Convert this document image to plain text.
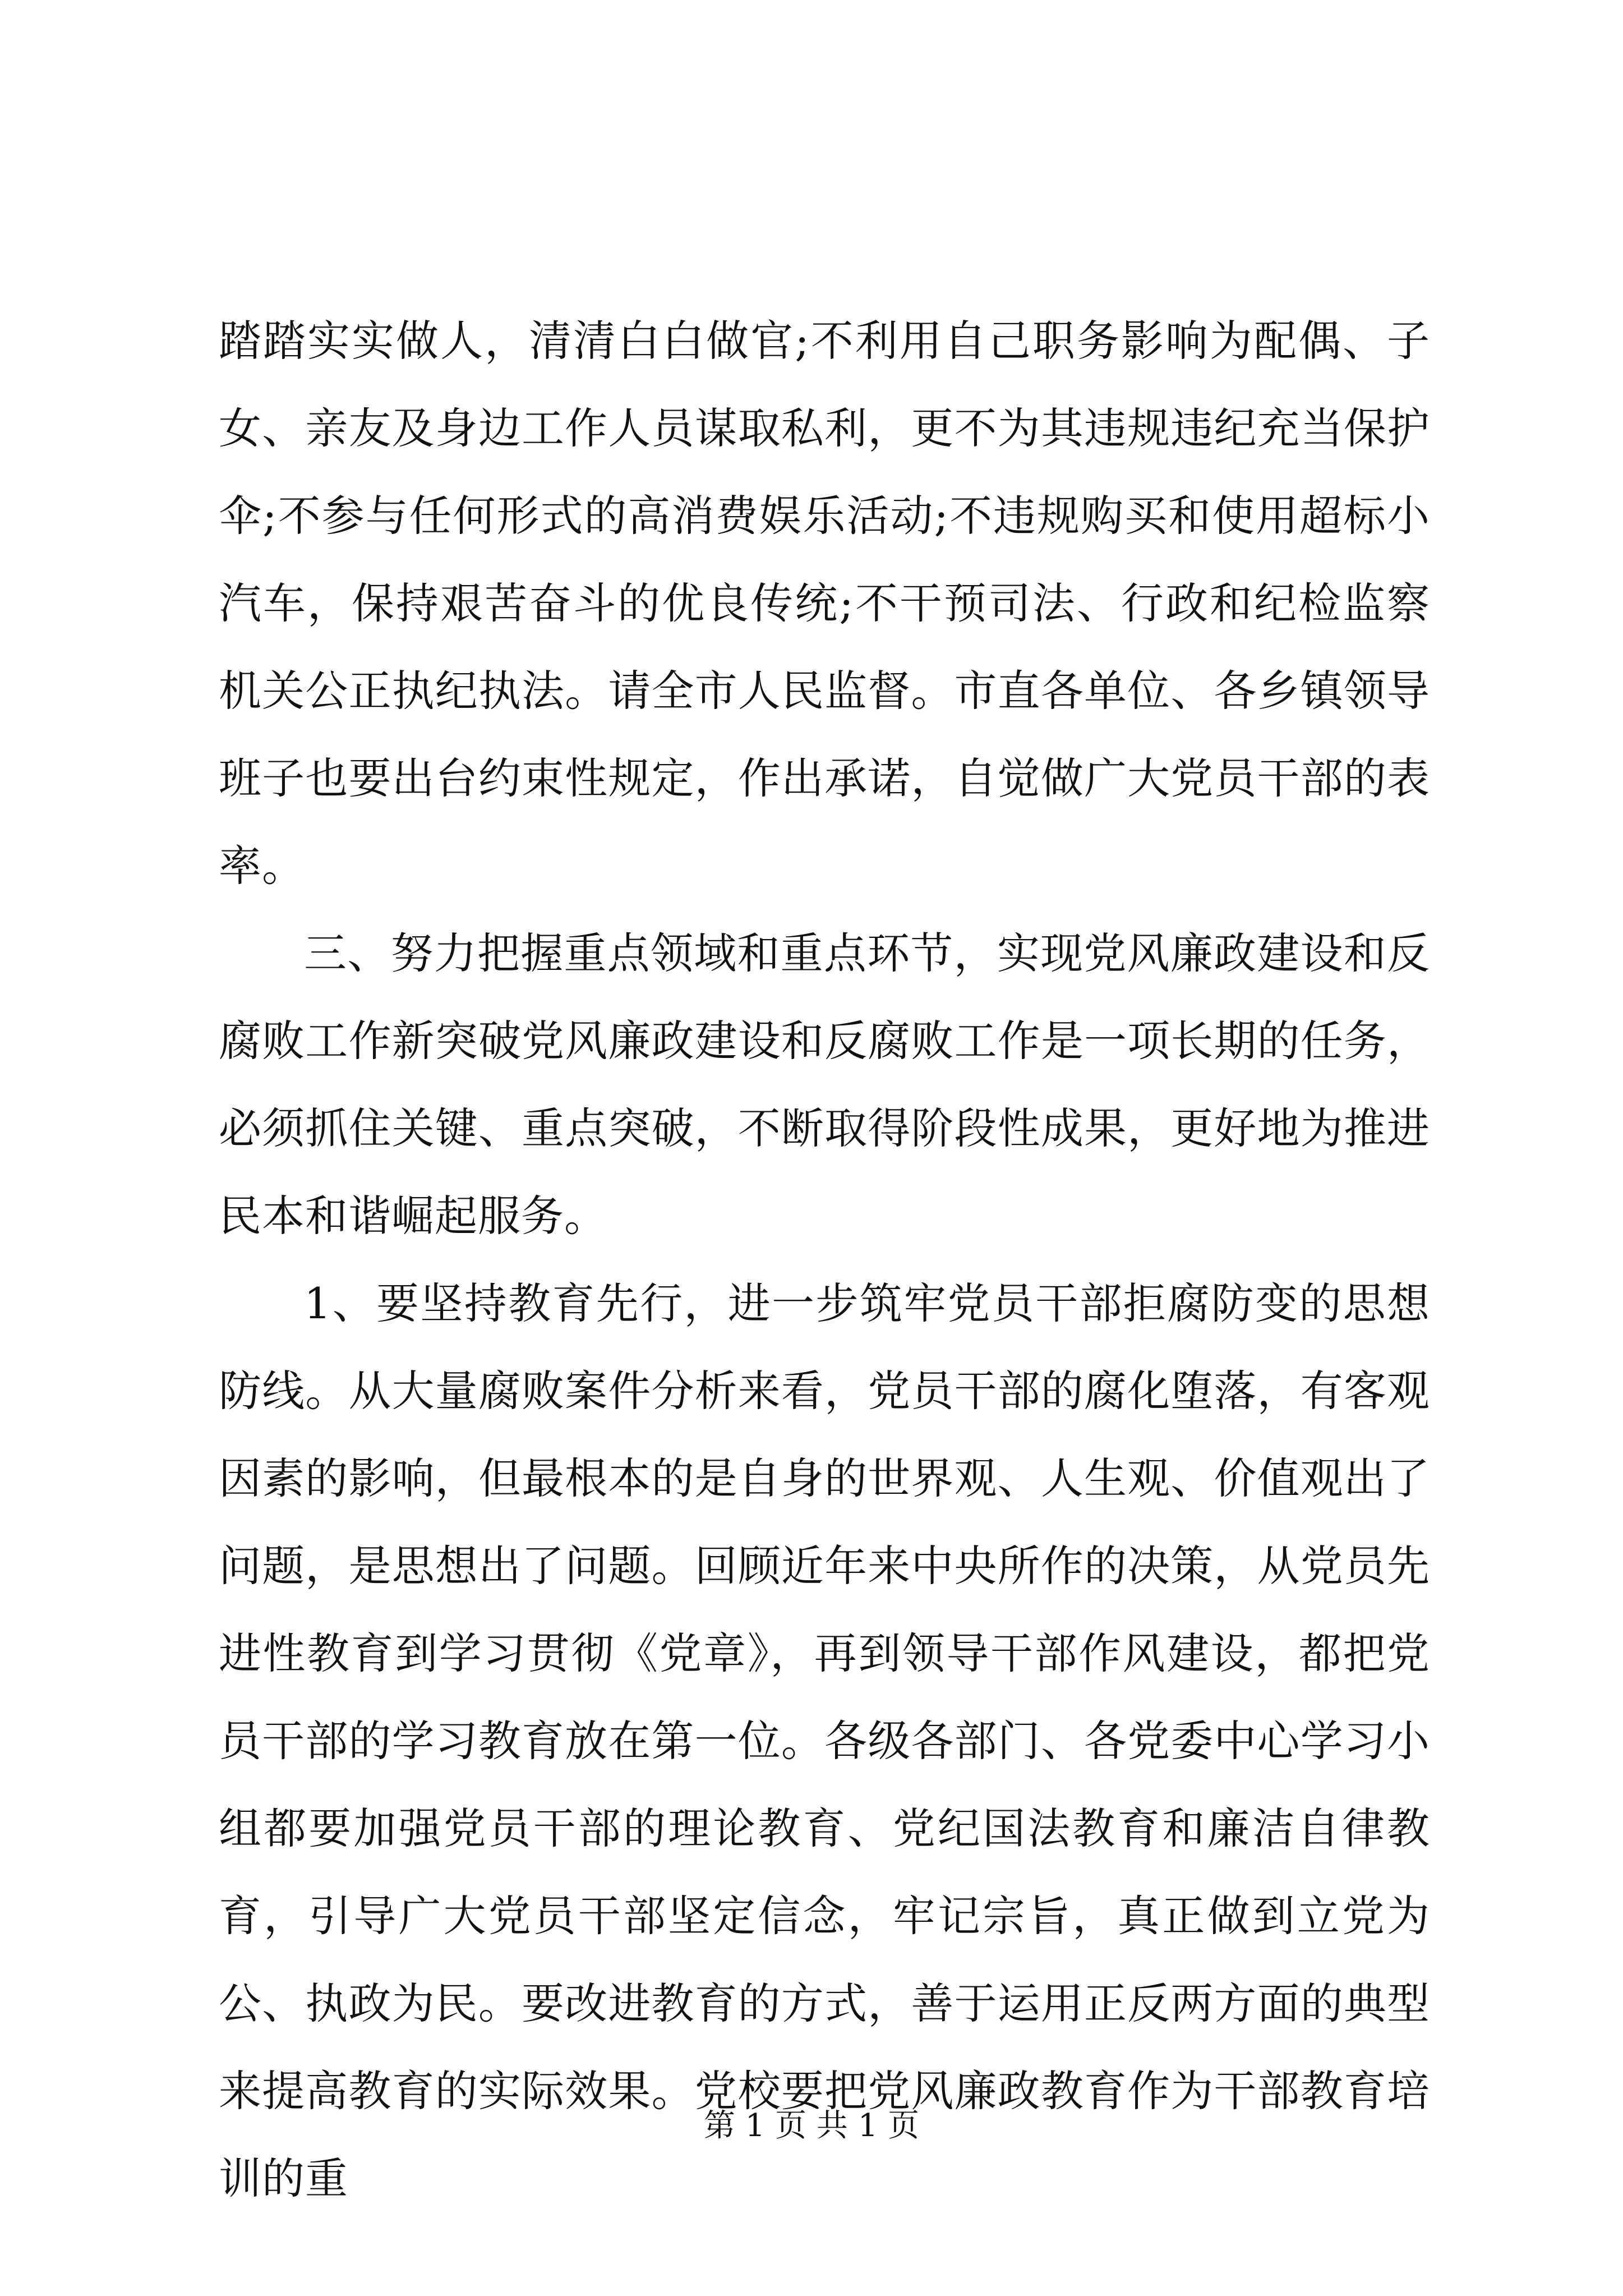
踏踏实实做人，清清白白做官;不利用自己职务影响为配偶、子女、亲友及身边工作人员谋取私利，更不为其违规违纪充当保护伞;不参与任何形式的高消费娱乐活动;不违规购买和使用超标小汽车，保持艰苦奋斗的优良传统;不干预司法、行政和纪检监察机关公正执纪执法。请全市人民监督。市直各单位、各乡镇领导班子也要出台约束性规定，作出承诺，自觉做广大党员干部的表率。

三、努力把握重点领域和重点环节，实现党风廉政建设和反腐败工作新突破党风廉政建设和反腐败工作是一项长期的任务，必须抓住关键、重点突破，不断取得阶段性成果，更好地为推进民本和谐崛起服务。

1、要坚持教育先行，进一步筑牢党员干部拒腐防变的思想防线。从大量腐败案件分析来看，党员干部的腐化堕落，有客观因素的影响，但最根本的是自身的世界观、人生观、价值观出了问题，是思想出了问题。回顾近年来中央所作的决策，从党员先进性教育到学习贯彻《党章》，再到领导干部作风建设，都把党员干部的学习教育放在第一位。各级各部门、各党委中心学习小组都要加强党员干部的理论教育、党纪国法教育和廉洁自律教育，引导广大党员干部坚定信念，牢记宗旨，真正做到立党为公、执政为民。要改进教育的方式，善于运用正反两方面的典型来提高教育的实际效果。党校要把党风廉政教育作为干部教育培训的重

第 1 页 共 1 页
